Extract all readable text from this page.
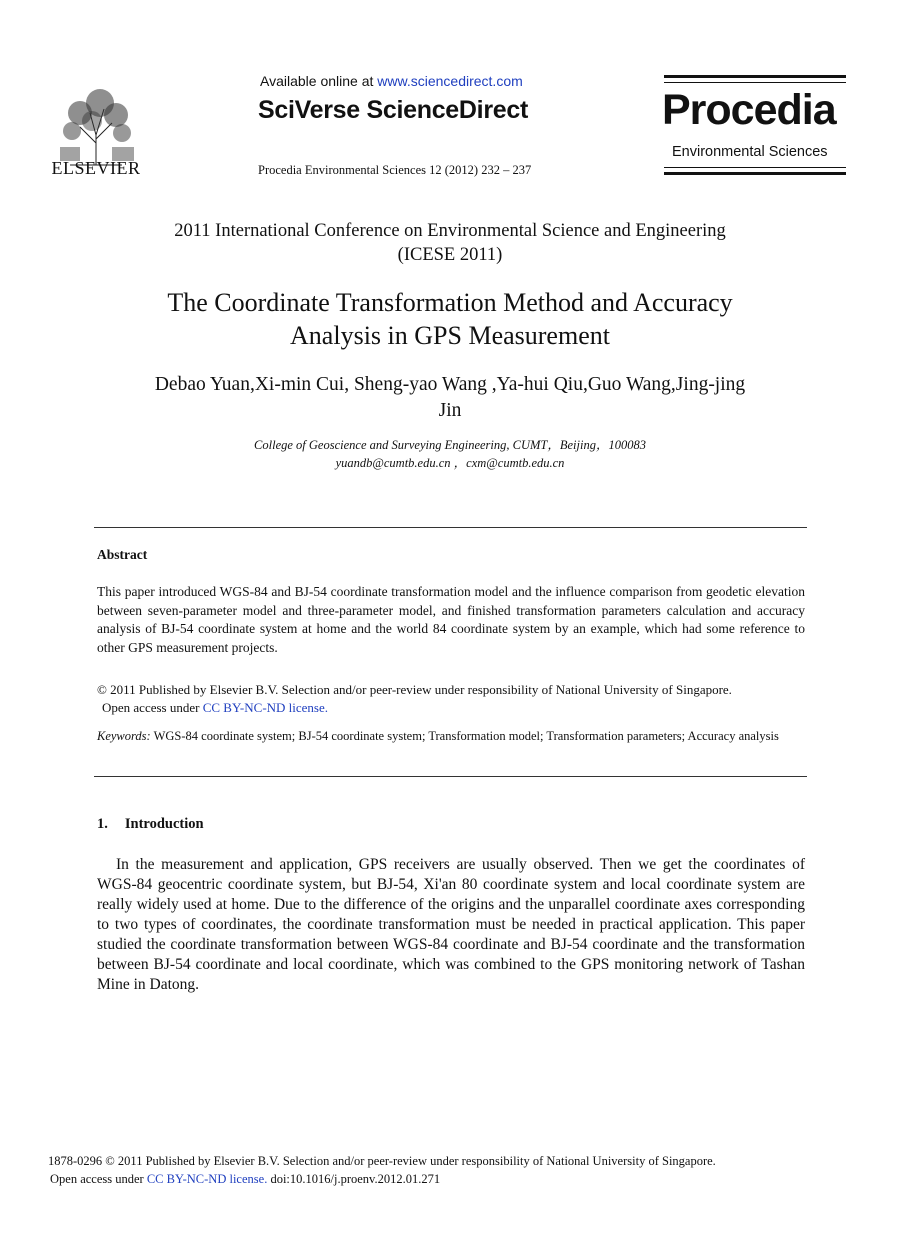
ELSEVIER
Available online at www.sciencedirect.com
SciVerse ScienceDirect
Procedia Environmental Sciences 12 (2012) 232 – 237
Procedia
Environmental Sciences
2011 International Conference on Environmental Science and Engineering
(ICESE 2011)
The Coordinate Transformation Method and Accuracy
Analysis in GPS Measurement
Debao Yuan,Xi-min Cui, Sheng-yao Wang ,Ya-hui Qiu,Guo Wang,Jing-jing
Jin
College of Geoscience and Surveying Engineering, CUMT，Beijing，100083
yuandb@cumtb.edu.cn ，cxm@cumtb.edu.cn
Abstract
This paper introduced WGS-84 and BJ-54 coordinate transformation model and the influence comparison from geodetic elevation between seven-parameter model and three-parameter model, and finished transformation parameters calculation and accuracy analysis of BJ-54 coordinate system at home and the world 84 coordinate system by an example, which had some reference to other GPS measurement projects.
© 2011 Published by Elsevier B.V. Selection and/or peer-review under responsibility of National University of Singapore.
Open access under CC BY-NC-ND license.
Keywords: WGS-84 coordinate system; BJ-54 coordinate system; Transformation model; Transformation parameters; Accuracy analysis
1. Introduction
In the measurement and application, GPS receivers are usually observed. Then we get the coordinates of WGS-84 geocentric coordinate system, but BJ-54, Xi'an 80 coordinate system and local coordinate system are really widely used at home. Due to the difference of the origins and the unparallel coordinate axes corresponding to two types of coordinates, the coordinate transformation must be needed in practical application. This paper studied the coordinate transformation between WGS-84 coordinate and BJ-54 coordinate and the transformation between BJ-54 coordinate and local coordinate, which was combined to the GPS monitoring network of Tashan Mine in Datong.
1878-0296 © 2011 Published by Elsevier B.V. Selection and/or peer-review under responsibility of National University of Singapore.
Open access under CC BY-NC-ND license. doi:10.1016/j.proenv.2012.01.271
